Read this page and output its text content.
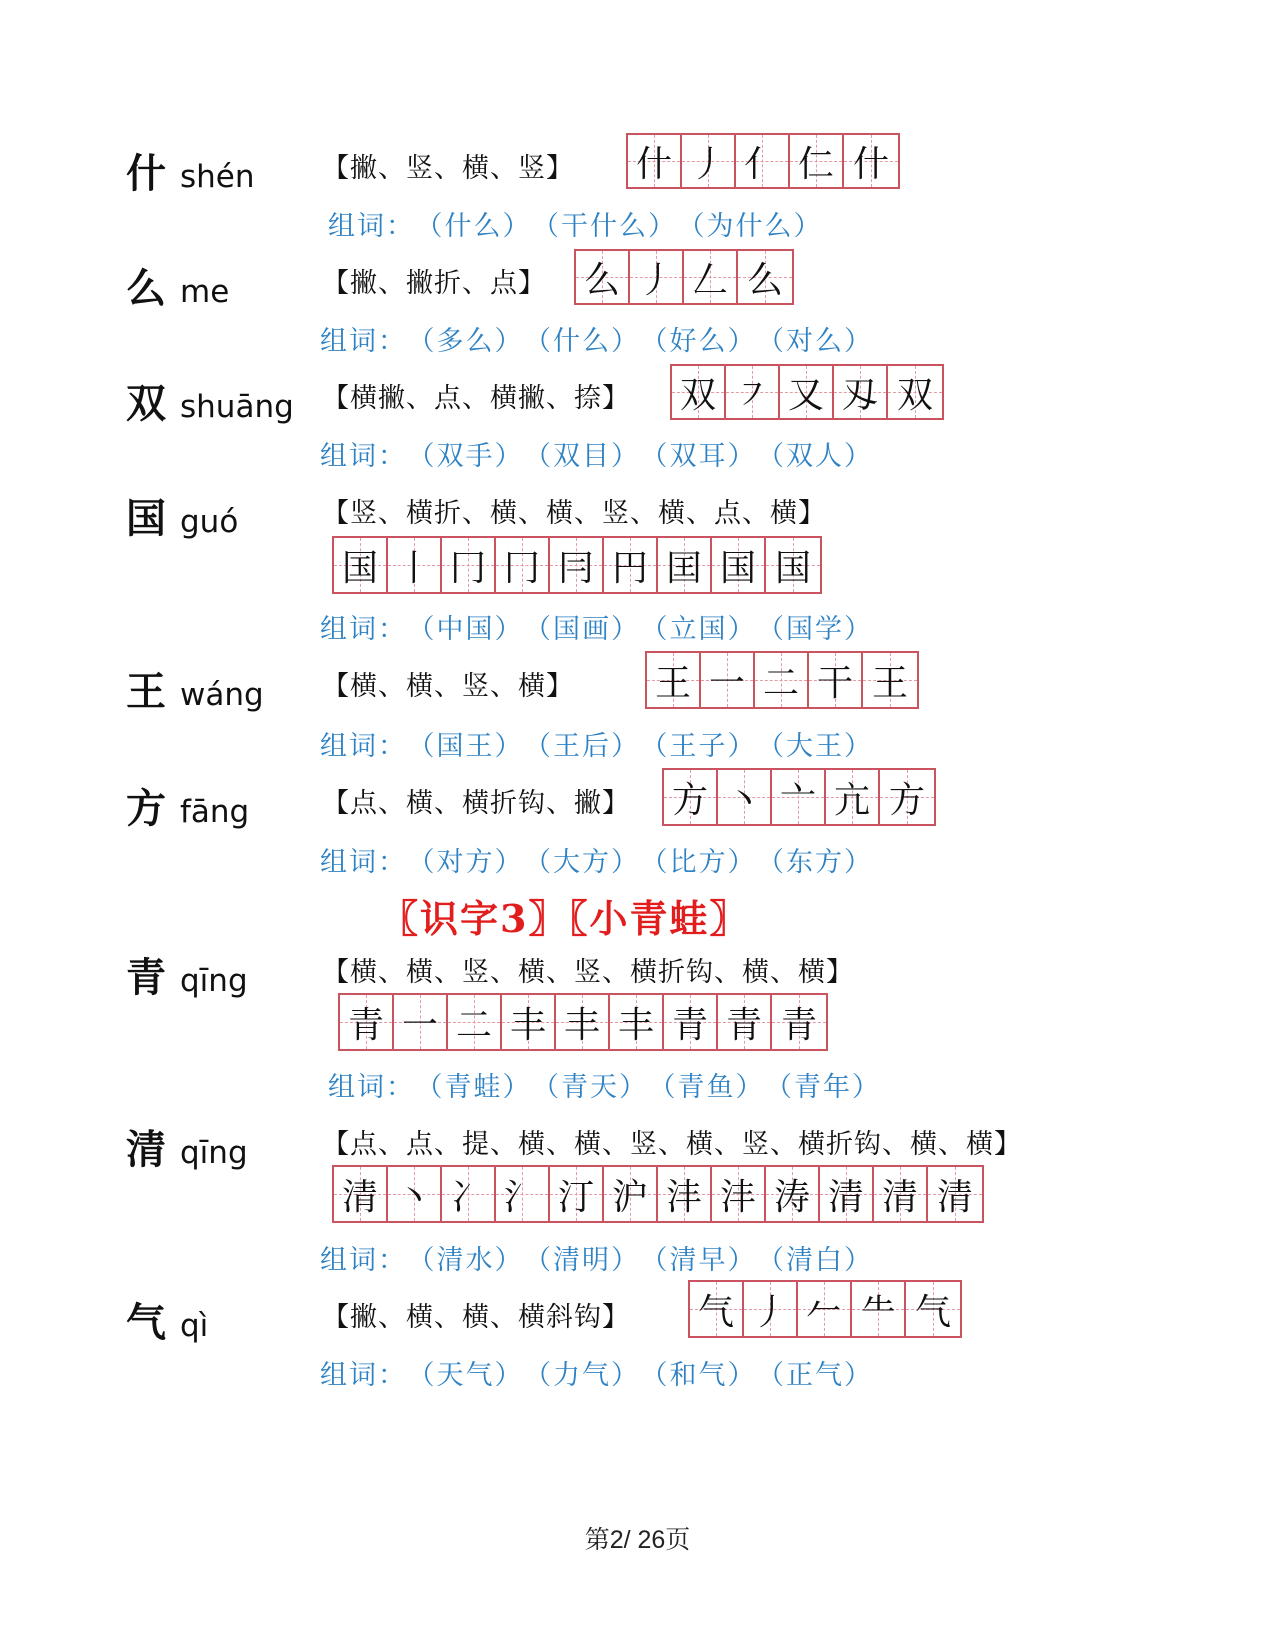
什 shén 【撇、竖、横、竖】 什 丿 亻 仁 什
组词： （什么） （干什么） （为什么）
么 me	【撇、撇折、点】 么 丿 𠃋 么
组词： （多么） （什么） （好么） （对么）
双 shuāng 【横撇、点、横撇、捺】 双 ㇇ 又 刄 双
组词： （双手） （双目） （双耳） （双人）
国 guó	【竖、横折、横、横、竖、横、点、横】
国 丨 冂 冂 冃 円 囯 国 国
组词： （中国） （国画） （立国） （国学）
王 wáng 【横、横、竖、横】 王 一 二 干 王
组词： （国王） （王后） （王子） （大王）
方 fāng	【点、横、横折钩、撇】 方 丶 亠 亢 方
组词： （对方） （大方） （比方） （东方）
〖识字3〗〖小青蛙〗
青 qīng	【横、横、竖、横、竖、横折钩、横、横】
青 一 二 丰 丰 丰 青 青 青
组词： （青蛙） （青天） （青鱼） （青年）
清 qīng	【点、点、提、横、横、竖、横、竖、横折钩、横、横】
清 丶 冫 氵 汀 沪 沣 沣 涛 清 清 清
组词： （清水） （清明） （清早） （清白）
气 qì	【撇、横、横、横斜钩】 气 丿 𠂉 ⺧ 气
组词： （天气） （力气） （和气） （正气）
第2/ 26页
